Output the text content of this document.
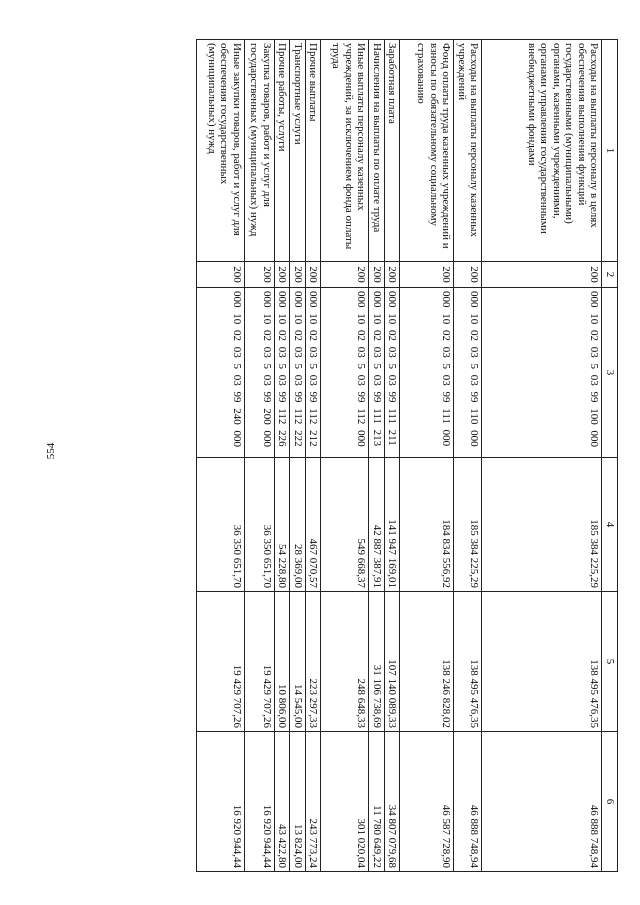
554
1	2	3	4	5	6
Расходы на выплаты персоналу в целях обеспечения выполнения функций государственными (муниципальными) органами, казенными учреждениями, органами управления государственными внебюджетными фондами	200	000 10 02 03 5 03 99 100 000	185 384 225,29	138 495 476,35	46 888 748,94
Расходы на выплаты персоналу казенных учреждений	200	000 10 02 03 5 03 99 110 000	185 384 225,29	138 495 476,35	46 888 748,94
Фонд оплаты труда казенных учреждений и взносы по обязательному социальному страхованию	200	000 10 02 03 5 03 99 111 000	184 834 556,92	138 246 828,02	46 587 728,90
Заработная плата	200	000 10 02 03 5 03 99 111 211	141 947 169,01	107 140 089,33	34 807 079,68
Начисления на выплаты по оплате труда	200	000 10 02 03 5 03 99 111 213	42 887 387,91	31 106 738,69	11 780 649,22
Иные выплаты персоналу казенных учреждений, за исключением фонда оплаты труда	200	000 10 02 03 5 03 99 112 000	549 668,37	248 648,33	301 020,04
Прочие выплаты	200	000 10 02 03 5 03 99 112 212	467 070,57	223 297,33	243 773,24
Транспортные услуги	200	000 10 02 03 5 03 99 112 222	28 369,00	14 545,00	13 824,00
Прочие работы, услуги	200	000 10 02 03 5 03 99 112 226	54 228,80	10 806,00	43 422,80
Закупка товаров, работ и услуг для государственных (муниципальных) нужд	200	000 10 02 03 5 03 99 200 000	36 350 651,70	19 429 707,26	16 920 944,44
Иные закупки товаров, работ и услуг для обеспечения государственных (муниципальных) нужд	200	000 10 02 03 5 03 99 240 000	36 350 651,70	19 429 707,26	16 920 944,44
